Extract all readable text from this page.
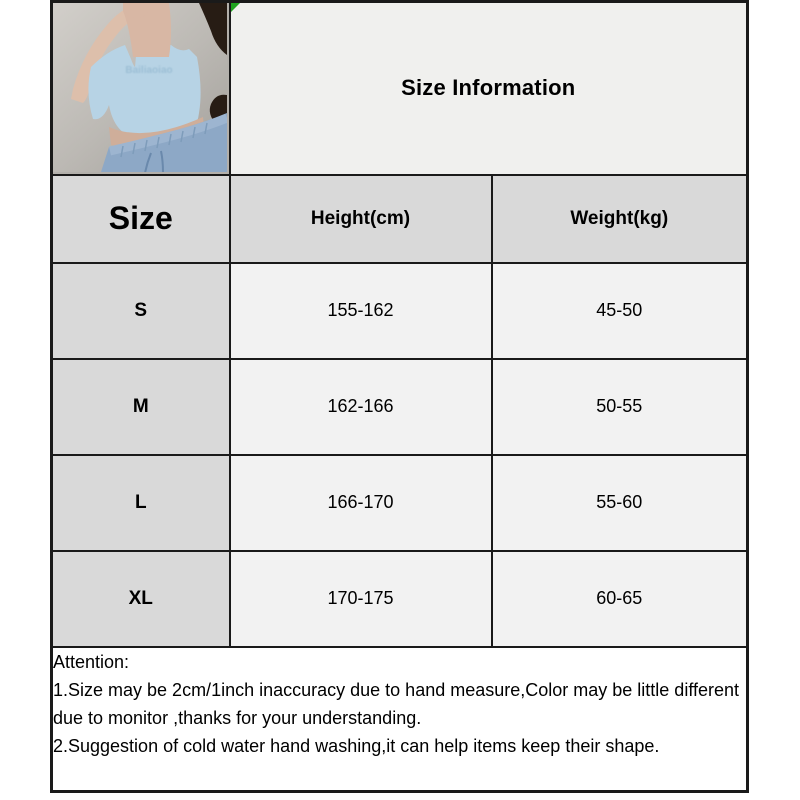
Bailiaoiao	Size Information	
Size	Height(cm)	Weight(kg)
S	155-162	45-50
M	162-166	50-55
L	166-170	55-60
XL	170-175	60-65

Attention:
1.Size may be 2cm/1inch inaccuracy due to hand measure,Color may be little different due to monitor ,thanks for your understanding.
2.Suggestion of cold water hand washing,it can help items keep their shape.		
